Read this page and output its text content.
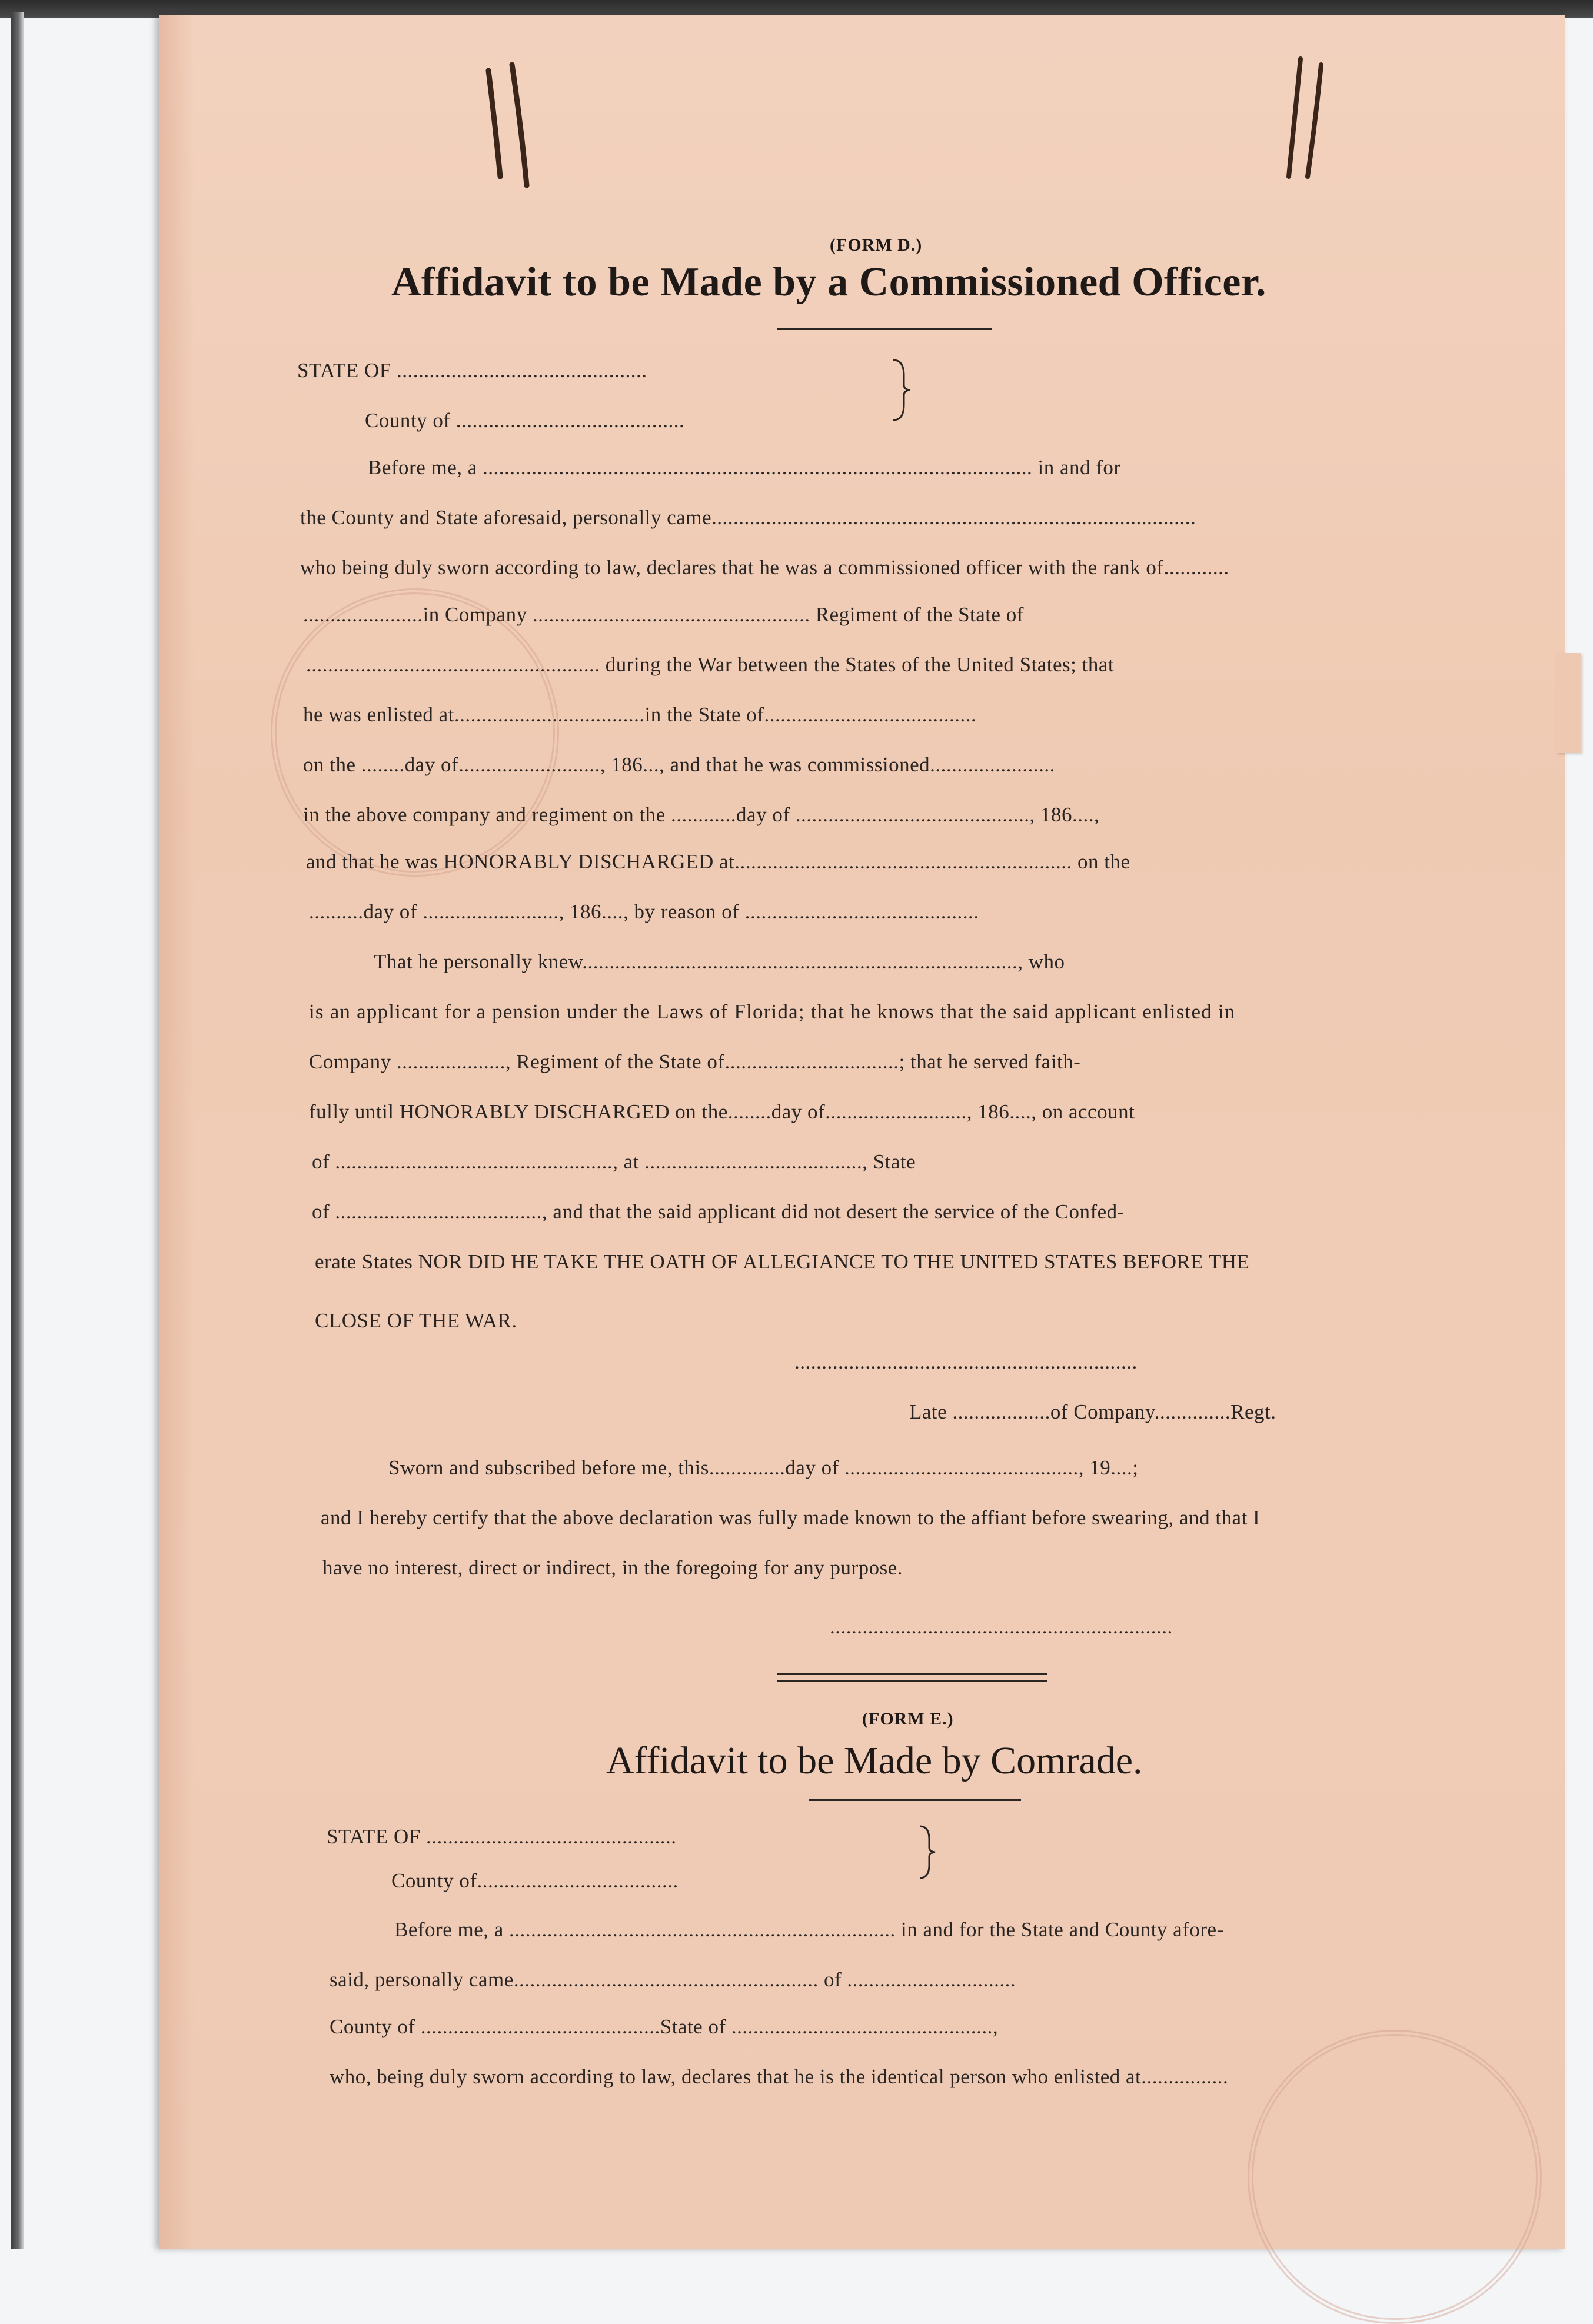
(FORM D.)
Affidavit to be Made by a Commissioned Officer.
STATE OF ..............................................
County of ..........................................
Before me, a ..................................................................................................... in and for
the County and State aforesaid, personally came.........................................................................................
who being duly sworn according to law, declares that he was a commissioned officer with the rank of............
......................in Company ................................................... Regiment of the State of
...................................................... during the War between the States of the United States; that
he was enlisted at...................................in the State of.......................................
on the ........day of.........................., 186..., and that he was commissioned.......................
in the above company and regiment on the ............day of ..........................................., 186....,
and that he was HONORABLY DISCHARGED at.............................................................. on the
..........day of ........................., 186...., by reason of ...........................................
That he personally knew................................................................................, who
is an applicant for a pension under the Laws of Florida; that he knows that the said applicant enlisted in
Company ...................., Regiment of the State of................................; that he served faith-
fully until HONORABLY DISCHARGED on the........day of.........................., 186...., on account
of ..................................................., at ........................................, State
of ......................................, and that the said applicant did not desert the service of the Confed-
erate States NOR DID HE TAKE THE OATH OF ALLEGIANCE TO THE UNITED STATES BEFORE THE
CLOSE OF THE WAR.
...............................................................
Late ..................of Company..............Regt.
Sworn and subscribed before me, this..............day of ..........................................., 19....;
and I hereby certify that the above declaration was fully made known to the affiant before swearing, and that I
have no interest, direct or indirect, in the foregoing for any purpose.
...............................................................
(FORM E.)
Affidavit to be Made by Comrade.
STATE OF ..............................................
County of.....................................
Before me, a ....................................................................... in and for the State and County afore-
said, personally came........................................................ of ...............................
County of ............................................State of ................................................,
who, being duly sworn according to law, declares that he is the identical person who enlisted at................
